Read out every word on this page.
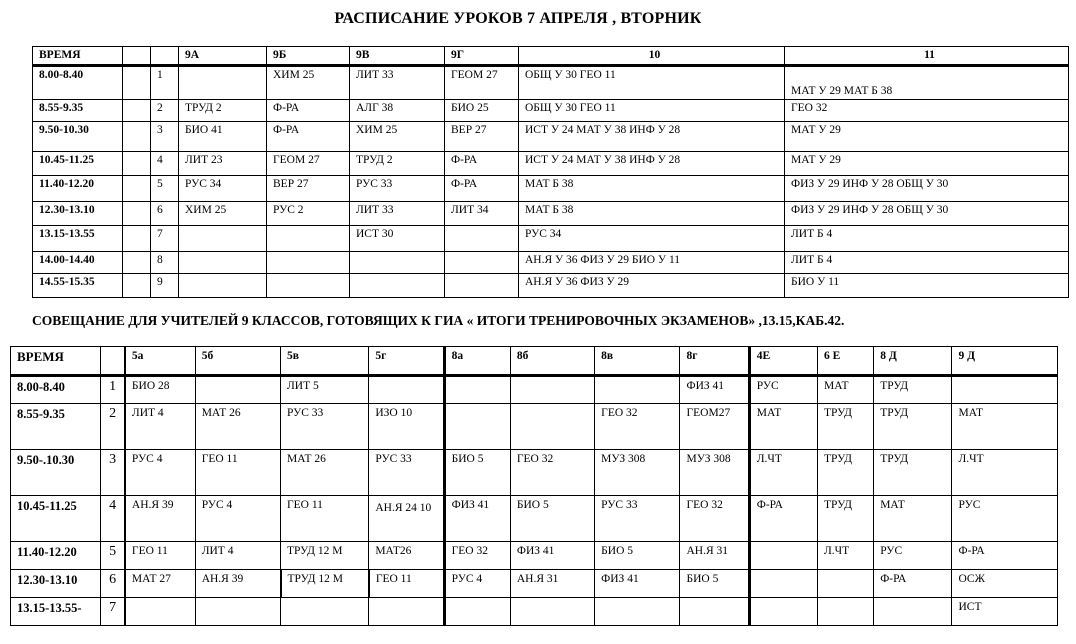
РАСПИСАНИЕ УРОКОВ 7 АПРЕЛЯ , ВТОРНИК
ВРЕМЯ			9А	9Б	9В	9Г	10	11
8.00-8.40		1		ХИМ 25	ЛИТ 33	ГЕОМ 27	ОБЩ У 30 ГЕО 11	МАТ У 29 МАТ Б 38
8.55-9.35		2	ТРУД 2	Ф-РА	АЛГ 38	БИО 25	ОБЩ У 30 ГЕО 11	ГЕО 32
9.50-10.30		3	БИО 41	Ф-РА	ХИМ 25	ВЕР 27	ИСТ У 24 МАТ У 38 ИНФ У 28	МАТ У 29
10.45-11.25		4	ЛИТ 23	ГЕОМ 27	ТРУД 2	Ф-РА	ИСТ У 24 МАТ У 38 ИНФ У 28	МАТ У 29
11.40-12.20		5	РУС 34	ВЕР 27	РУС 33	Ф-РА	МАТ Б 38	ФИЗ У 29 ИНФ У 28 ОБЩ У 30
12.30-13.10		6	ХИМ 25	РУС 2	ЛИТ 33	ЛИТ 34	МАТ Б 38	ФИЗ У 29 ИНФ У 28 ОБЩ У 30
13.15-13.55		7			ИСТ 30		РУС 34	ЛИТ Б 4
14.00-14.40		8					АН.Я У 36 ФИЗ У 29 БИО У 11	ЛИТ Б 4
14.55-15.35		9					АН.Я У 36 ФИЗ У 29	БИО У 11
СОВЕЩАНИЕ ДЛЯ УЧИТЕЛЕЙ 9 КЛАССОВ, ГОТОВЯЩИХ К ГИА « ИТОГИ ТРЕНИРОВОЧНЫХ ЭКЗАМЕНОВ» ,13.15,КАБ.42.
ВРЕМЯ		5а	5б	5в	5г	8а	8б	8в	8г	4Е	6 Е	8 Д	9 Д
8.00-8.40	1	БИО 28		ЛИТ 5					ФИЗ 41	РУС	МАТ	ТРУД	
8.55-9.35	2	ЛИТ 4	МАТ 26	РУС 33	ИЗО 10			ГЕО 32	ГЕОМ27	МАТ	ТРУД	ТРУД	МАТ
9.50-.10.30	3	РУС 4	ГЕО 11	МАТ 26	РУС 33	БИО 5	ГЕО 32	МУЗ 308	МУЗ 308	Л.ЧТ	ТРУД	ТРУД	Л.ЧТ
10.45-11.25	4	АН.Я 39	РУС 4	ГЕО 11	АН.Я 24 10	ФИЗ 41	БИО 5	РУС 33	ГЕО 32	Ф-РА	ТРУД	МАТ	РУС
11.40-12.20	5	ГЕО 11	ЛИТ 4	ТРУД 12 М	МАТ26	ГЕО 32	ФИЗ 41	БИО 5	АН.Я 31		Л.ЧТ	РУС	Ф-РА
12.30-13.10	6	МАТ 27	АН.Я 39	ТРУД 12 М	ГЕО 11	РУС 4	АН.Я 31	ФИЗ 41	БИО 5			Ф-РА	ОСЖ
13.15-13.55-	7												ИСТ
